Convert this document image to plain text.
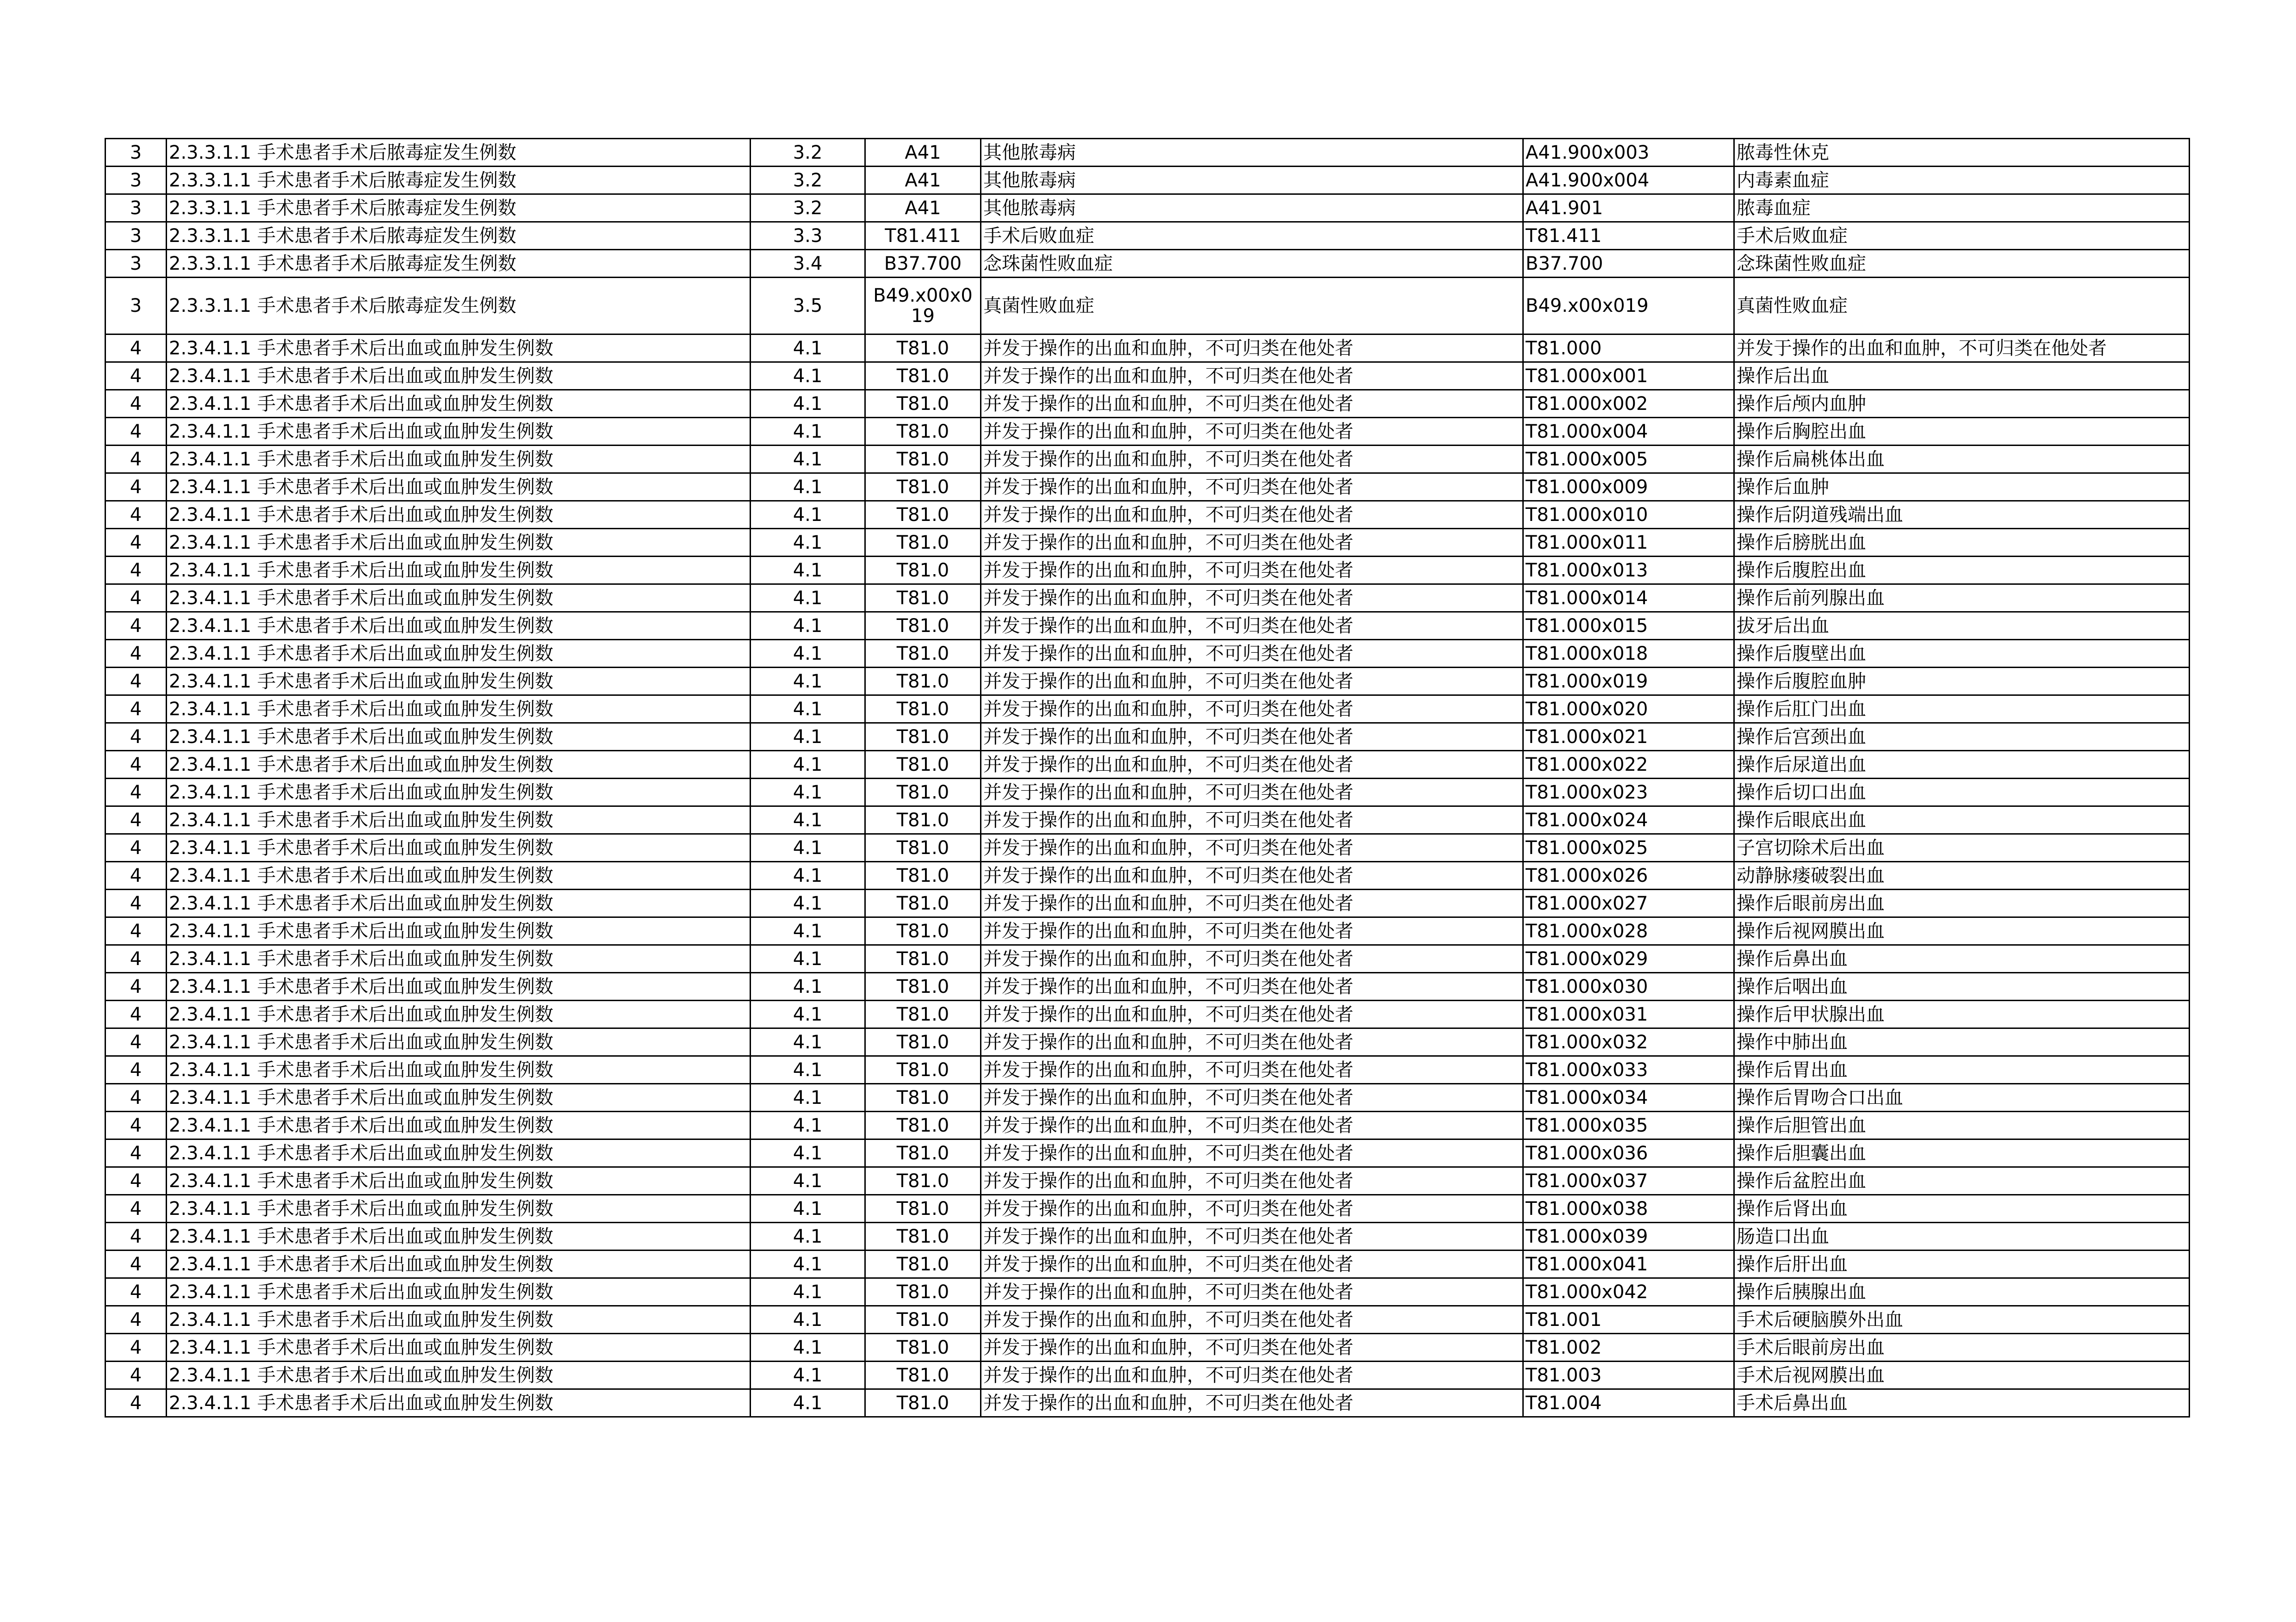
3	2.3.3.1.1 手术患者手术后脓毒症发生例数	3.2	A41	其他脓毒病	A41.900x003	脓毒性休克
3	2.3.3.1.1 手术患者手术后脓毒症发生例数	3.2	A41	其他脓毒病	A41.900x004	内毒素血症
3	2.3.3.1.1 手术患者手术后脓毒症发生例数	3.2	A41	其他脓毒病	A41.901	脓毒血症
3	2.3.3.1.1 手术患者手术后脓毒症发生例数	3.3	T81.411	手术后败血症	T81.411	手术后败血症
3	2.3.3.1.1 手术患者手术后脓毒症发生例数	3.4	B37.700	念珠菌性败血症	B37.700	念珠菌性败血症
3	2.3.3.1.1 手术患者手术后脓毒症发生例数	3.5	B49.x00x019	真菌性败血症	B49.x00x019	真菌性败血症
4	2.3.4.1.1 手术患者手术后出血或血肿发生例数	4.1	T81.0	并发于操作的出血和血肿，不可归类在他处者	T81.000	并发于操作的出血和血肿，不可归类在他处者
4	2.3.4.1.1 手术患者手术后出血或血肿发生例数	4.1	T81.0	并发于操作的出血和血肿，不可归类在他处者	T81.000x001	操作后出血
4	2.3.4.1.1 手术患者手术后出血或血肿发生例数	4.1	T81.0	并发于操作的出血和血肿，不可归类在他处者	T81.000x002	操作后颅内血肿
4	2.3.4.1.1 手术患者手术后出血或血肿发生例数	4.1	T81.0	并发于操作的出血和血肿，不可归类在他处者	T81.000x004	操作后胸腔出血
4	2.3.4.1.1 手术患者手术后出血或血肿发生例数	4.1	T81.0	并发于操作的出血和血肿，不可归类在他处者	T81.000x005	操作后扁桃体出血
4	2.3.4.1.1 手术患者手术后出血或血肿发生例数	4.1	T81.0	并发于操作的出血和血肿，不可归类在他处者	T81.000x009	操作后血肿
4	2.3.4.1.1 手术患者手术后出血或血肿发生例数	4.1	T81.0	并发于操作的出血和血肿，不可归类在他处者	T81.000x010	操作后阴道残端出血
4	2.3.4.1.1 手术患者手术后出血或血肿发生例数	4.1	T81.0	并发于操作的出血和血肿，不可归类在他处者	T81.000x011	操作后膀胱出血
4	2.3.4.1.1 手术患者手术后出血或血肿发生例数	4.1	T81.0	并发于操作的出血和血肿，不可归类在他处者	T81.000x013	操作后腹腔出血
4	2.3.4.1.1 手术患者手术后出血或血肿发生例数	4.1	T81.0	并发于操作的出血和血肿，不可归类在他处者	T81.000x014	操作后前列腺出血
4	2.3.4.1.1 手术患者手术后出血或血肿发生例数	4.1	T81.0	并发于操作的出血和血肿，不可归类在他处者	T81.000x015	拔牙后出血
4	2.3.4.1.1 手术患者手术后出血或血肿发生例数	4.1	T81.0	并发于操作的出血和血肿，不可归类在他处者	T81.000x018	操作后腹壁出血
4	2.3.4.1.1 手术患者手术后出血或血肿发生例数	4.1	T81.0	并发于操作的出血和血肿，不可归类在他处者	T81.000x019	操作后腹腔血肿
4	2.3.4.1.1 手术患者手术后出血或血肿发生例数	4.1	T81.0	并发于操作的出血和血肿，不可归类在他处者	T81.000x020	操作后肛门出血
4	2.3.4.1.1 手术患者手术后出血或血肿发生例数	4.1	T81.0	并发于操作的出血和血肿，不可归类在他处者	T81.000x021	操作后宫颈出血
4	2.3.4.1.1 手术患者手术后出血或血肿发生例数	4.1	T81.0	并发于操作的出血和血肿，不可归类在他处者	T81.000x022	操作后尿道出血
4	2.3.4.1.1 手术患者手术后出血或血肿发生例数	4.1	T81.0	并发于操作的出血和血肿，不可归类在他处者	T81.000x023	操作后切口出血
4	2.3.4.1.1 手术患者手术后出血或血肿发生例数	4.1	T81.0	并发于操作的出血和血肿，不可归类在他处者	T81.000x024	操作后眼底出血
4	2.3.4.1.1 手术患者手术后出血或血肿发生例数	4.1	T81.0	并发于操作的出血和血肿，不可归类在他处者	T81.000x025	子宫切除术后出血
4	2.3.4.1.1 手术患者手术后出血或血肿发生例数	4.1	T81.0	并发于操作的出血和血肿，不可归类在他处者	T81.000x026	动静脉瘘破裂出血
4	2.3.4.1.1 手术患者手术后出血或血肿发生例数	4.1	T81.0	并发于操作的出血和血肿，不可归类在他处者	T81.000x027	操作后眼前房出血
4	2.3.4.1.1 手术患者手术后出血或血肿发生例数	4.1	T81.0	并发于操作的出血和血肿，不可归类在他处者	T81.000x028	操作后视网膜出血
4	2.3.4.1.1 手术患者手术后出血或血肿发生例数	4.1	T81.0	并发于操作的出血和血肿，不可归类在他处者	T81.000x029	操作后鼻出血
4	2.3.4.1.1 手术患者手术后出血或血肿发生例数	4.1	T81.0	并发于操作的出血和血肿，不可归类在他处者	T81.000x030	操作后咽出血
4	2.3.4.1.1 手术患者手术后出血或血肿发生例数	4.1	T81.0	并发于操作的出血和血肿，不可归类在他处者	T81.000x031	操作后甲状腺出血
4	2.3.4.1.1 手术患者手术后出血或血肿发生例数	4.1	T81.0	并发于操作的出血和血肿，不可归类在他处者	T81.000x032	操作中肺出血
4	2.3.4.1.1 手术患者手术后出血或血肿发生例数	4.1	T81.0	并发于操作的出血和血肿，不可归类在他处者	T81.000x033	操作后胃出血
4	2.3.4.1.1 手术患者手术后出血或血肿发生例数	4.1	T81.0	并发于操作的出血和血肿，不可归类在他处者	T81.000x034	操作后胃吻合口出血
4	2.3.4.1.1 手术患者手术后出血或血肿发生例数	4.1	T81.0	并发于操作的出血和血肿，不可归类在他处者	T81.000x035	操作后胆管出血
4	2.3.4.1.1 手术患者手术后出血或血肿发生例数	4.1	T81.0	并发于操作的出血和血肿，不可归类在他处者	T81.000x036	操作后胆囊出血
4	2.3.4.1.1 手术患者手术后出血或血肿发生例数	4.1	T81.0	并发于操作的出血和血肿，不可归类在他处者	T81.000x037	操作后盆腔出血
4	2.3.4.1.1 手术患者手术后出血或血肿发生例数	4.1	T81.0	并发于操作的出血和血肿，不可归类在他处者	T81.000x038	操作后肾出血
4	2.3.4.1.1 手术患者手术后出血或血肿发生例数	4.1	T81.0	并发于操作的出血和血肿，不可归类在他处者	T81.000x039	肠造口出血
4	2.3.4.1.1 手术患者手术后出血或血肿发生例数	4.1	T81.0	并发于操作的出血和血肿，不可归类在他处者	T81.000x041	操作后肝出血
4	2.3.4.1.1 手术患者手术后出血或血肿发生例数	4.1	T81.0	并发于操作的出血和血肿，不可归类在他处者	T81.000x042	操作后胰腺出血
4	2.3.4.1.1 手术患者手术后出血或血肿发生例数	4.1	T81.0	并发于操作的出血和血肿，不可归类在他处者	T81.001	手术后硬脑膜外出血
4	2.3.4.1.1 手术患者手术后出血或血肿发生例数	4.1	T81.0	并发于操作的出血和血肿，不可归类在他处者	T81.002	手术后眼前房出血
4	2.3.4.1.1 手术患者手术后出血或血肿发生例数	4.1	T81.0	并发于操作的出血和血肿，不可归类在他处者	T81.003	手术后视网膜出血
4	2.3.4.1.1 手术患者手术后出血或血肿发生例数	4.1	T81.0	并发于操作的出血和血肿，不可归类在他处者	T81.004	手术后鼻出血
